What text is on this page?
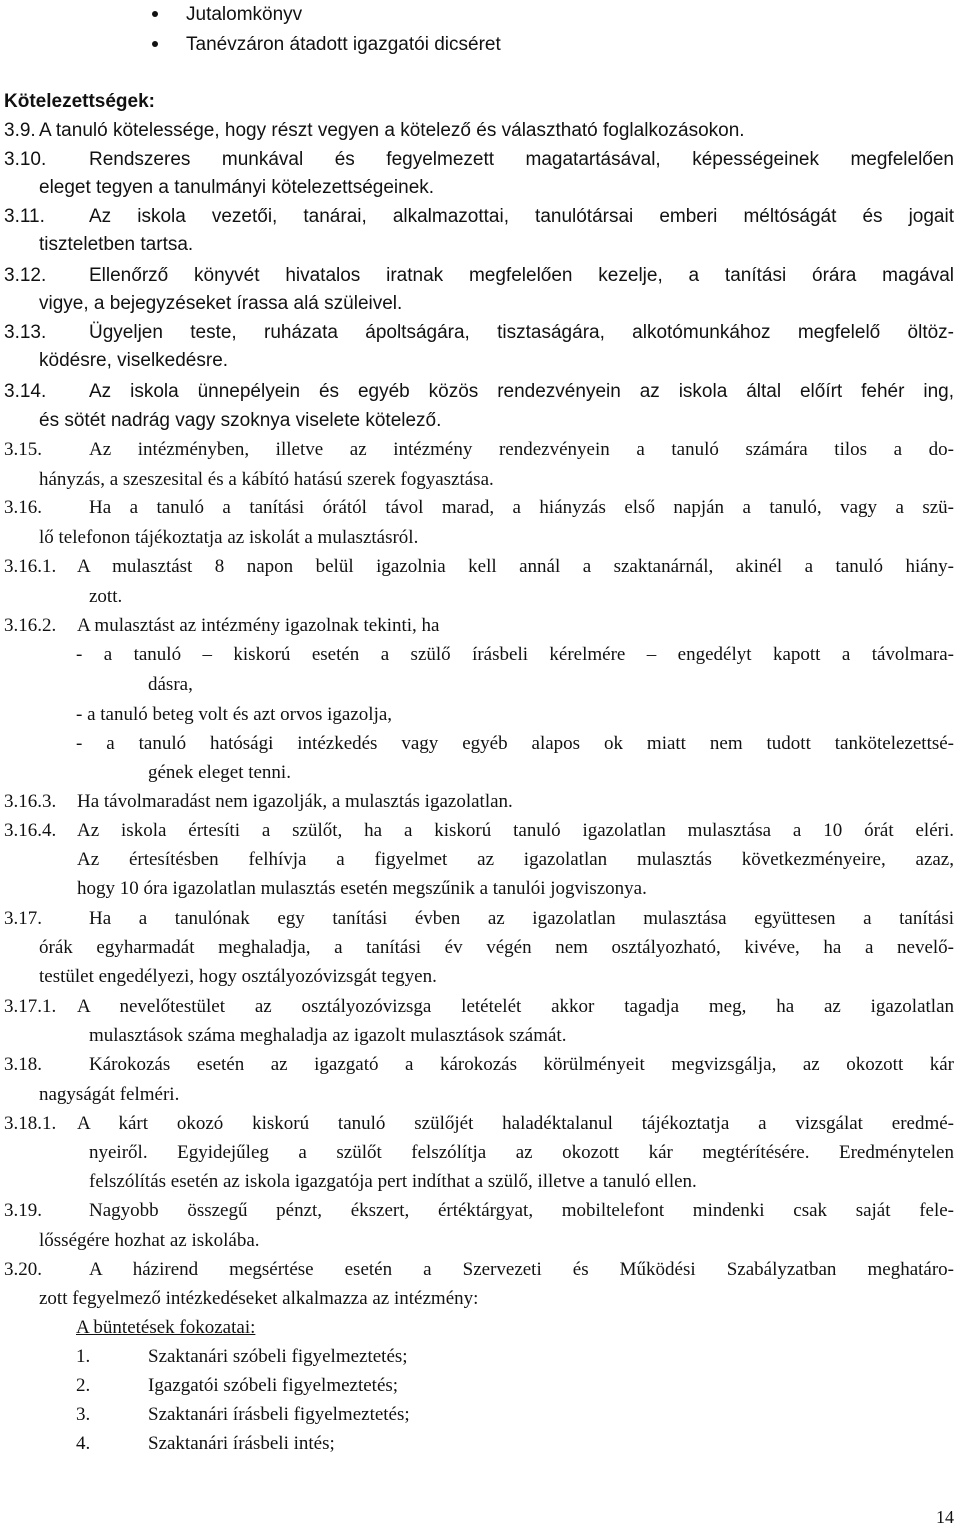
Jutalomkönyv
Tanévzáron átadott igazgatói dicséret
Kötelezettségek:
3.9. A tanuló kötelessége, hogy részt vegyen a kötelező és választható foglalkozásokon.
3.10. Rendszeres munkával és fegyelmezett magatartásával, képességeinek megfelelően
eleget tegyen a tanulmányi kötelezettségeinek.
3.11. Az iskola vezetői, tanárai, alkalmazottai, tanulótársai emberi méltóságát és jogait
tiszteletben tartsa.
3.12. Ellenőrző könyvét hivatalos iratnak megfelelően kezelje, a tanítási órára magával
vigye, a bejegyzéseket írassa alá szüleivel.
3.13. Ügyeljen teste, ruházata ápoltságára, tisztaságára, alkotómunkához megfelelő öltöz-
ködésre, viselkedésre.
3.14. Az iskola ünnepélyein és egyéb közös rendezvényein az iskola által előírt fehér ing,
és sötét nadrág vagy szoknya viselete kötelező.
3.15. Az intézményben, illetve az intézmény rendezvényein a tanuló számára tilos a do-
hányzás, a szeszesital és a kábító hatású szerek fogyasztása.
3.16. Ha a tanuló a tanítási órától távol marad, a hiányzás első napján a tanuló, vagy a szü-
lő telefonon tájékoztatja az iskolát a mulasztásról.
3.16.1. A mulasztást 8 napon belül igazolnia kell annál a szaktanárnál, akinél a tanuló hiány-
zott.
3.16.2. A mulasztást az intézmény igazolnak tekinti, ha
- a tanuló – kiskorú esetén a szülő írásbeli kérelmére – engedélyt kapott a távolmara-
dásra,
- a tanuló beteg volt és azt orvos igazolja,
- a tanuló hatósági intézkedés vagy egyéb alapos ok miatt nem tudott tankötelezettsé-
gének eleget tenni.
3.16.3. Ha távolmaradást nem igazolják, a mulasztás igazolatlan.
3.16.4. Az iskola értesíti a szülőt, ha a kiskorú tanuló igazolatlan mulasztása a 10 órát eléri.
Az értesítésben felhívja a figyelmet az igazolatlan mulasztás következményeire, azaz,
hogy 10 óra igazolatlan mulasztás esetén megszűnik a tanulói jogviszonya.
3.17. Ha a tanulónak egy tanítási évben az igazolatlan mulasztása együttesen a tanítási
órák egyharmadát meghaladja, a tanítási év végén nem osztályozható, kivéve, ha a nevelő-
testület engedélyezi, hogy osztályozóvizsgát tegyen.
3.17.1. A nevelőtestület az osztályozóvizsga letételét akkor tagadja meg, ha az igazolatlan
mulasztások száma meghaladja az igazolt mulasztások számát.
3.18. Károkozás esetén az igazgató a károkozás körülményeit megvizsgálja, az okozott kár
nagyságát felméri.
3.18.1. A kárt okozó kiskorú tanuló szülőjét haladéktalanul tájékoztatja a vizsgálat eredmé-
nyeiről. Egyidejűleg a szülőt felszólítja az okozott kár megtérítésére. Eredménytelen
felszólítás esetén az iskola igazgatója pert indíthat a szülő, illetve a tanuló ellen.
3.19. Nagyobb összegű pénzt, ékszert, értéktárgyat, mobiltelefont mindenki csak saját fele-
lősségére hozhat az iskolába.
3.20. A házirend megsértése esetén a Szervezeti és Működési Szabályzatban meghatáro-
zott fegyelmező intézkedéseket alkalmazza az intézmény:
A büntetések fokozatai:
1.	Szaktanári szóbeli figyelmeztetés;
2.	Igazgatói szóbeli figyelmeztetés;
3.	Szaktanári írásbeli figyelmeztetés;
4.	Szaktanári írásbeli intés;
14
